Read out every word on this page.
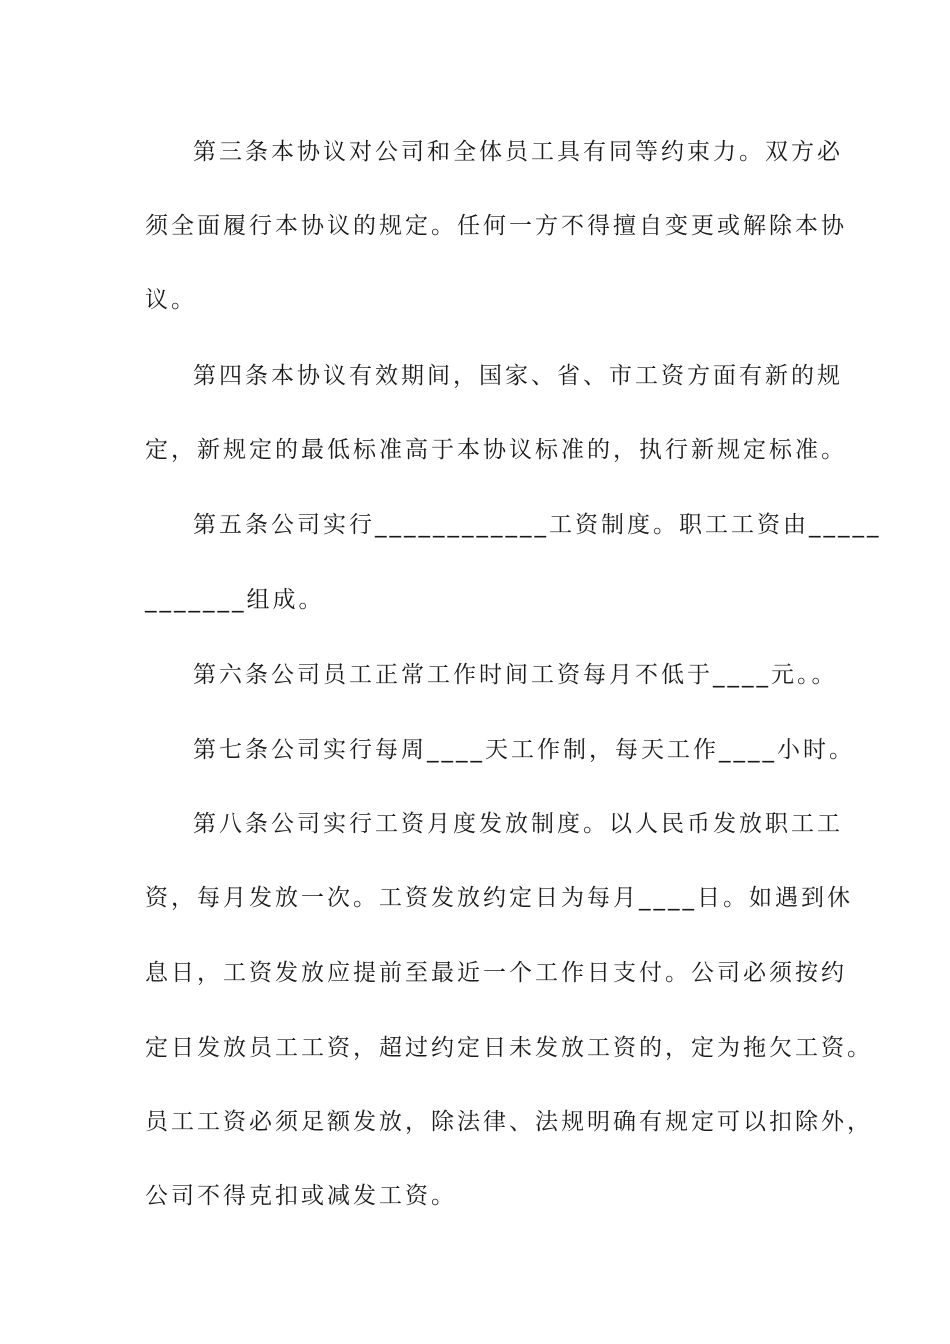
第三条本协议对公司和全体员工具有同等约束力。双方必
须全面履行本协议的规定。任何一方不得擅自变更或解除本协
议。
第四条本协议有效期间，国家、省、市工资方面有新的规
定，新规定的最低标准高于本协议标准的，执行新规定标准。
第五条公司实行____________工资制度。职工工资由_____
_______组成。
第六条公司员工正常工作时间工资每月不低于____元。。
第七条公司实行每周____天工作制，每天工作____小时。
第八条公司实行工资月度发放制度。以人民币发放职工工
资，每月发放一次。工资发放约定日为每月____日。如遇到休
息日，工资发放应提前至最近一个工作日支付。公司必须按约
定日发放员工工资，超过约定日未发放工资的，定为拖欠工资。
员工工资必须足额发放，除法律、法规明确有规定可以扣除外，
公司不得克扣或减发工资。
